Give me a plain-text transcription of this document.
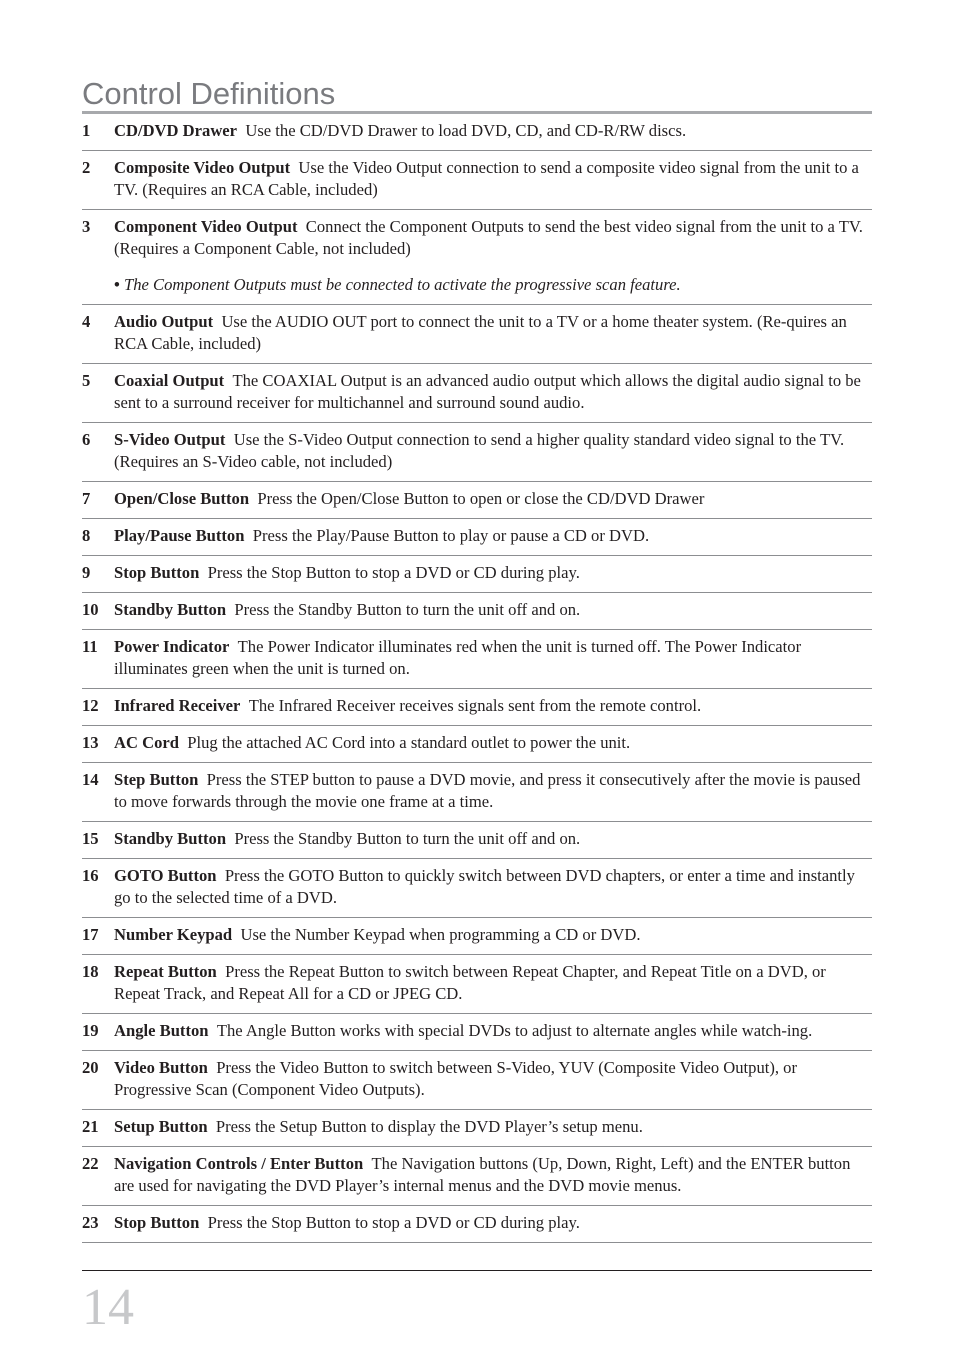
Control Definitions
1	CD/DVD Drawer Use the CD/DVD Drawer to load DVD, CD, and CD-R/RW discs.
2	Composite Video Output Use the Video Output connection to send a composite video signal from the unit to a TV. (Requires an RCA Cable, included)
3	Component Video Output Connect the Component Outputs to send the best video signal from the unit to a TV. (Requires a Component Cable, not included)
• The Component Outputs must be connected to activate the progressive scan feature.
4	Audio Output Use the AUDIO OUT port to connect the unit to a TV or a home theater system. (Re-quires an RCA Cable, included)
5	Coaxial Output The COAXIAL Output is an advanced audio output which allows the digital audio signal to be sent to a surround receiver for multichannel and surround sound audio.
6	S-Video Output Use the S-Video Output connection to send a higher quality standard video signal to the TV. (Requires an S-Video cable, not included)
7	Open/Close Button Press the Open/Close Button to open or close the CD/DVD Drawer
8	Play/Pause Button Press the Play/Pause Button to play or pause a CD or DVD.
9	Stop Button Press the Stop Button to stop a DVD or CD during play.
10 Standby Button Press the Standby Button to turn the unit off and on.
11 Power Indicator The Power Indicator illuminates red when the unit is turned off. The Power Indicator illuminates green when the unit is turned on.
12 Infrared Receiver The Infrared Receiver receives signals sent from the remote control.
13 AC Cord Plug the attached AC Cord into a standard outlet to power the unit.
14 Step Button Press the STEP button to pause a DVD movie, and press it consecutively after the movie is paused to move forwards through the movie one frame at a time.
15 Standby Button Press the Standby Button to turn the unit off and on.
16 GOTO Button Press the GOTO Button to quickly switch between DVD chapters, or enter a time and instantly go to the selected time of a DVD.
17 Number Keypad Use the Number Keypad when programming a CD or DVD.
18 Repeat Button Press the Repeat Button to switch between Repeat Chapter, and Repeat Title on a DVD, or Repeat Track, and Repeat All for a CD or JPEG CD.
19 Angle Button The Angle Button works with special DVDs to adjust to alternate angles while watch-ing.
20 Video Button Press the Video Button to switch between S-Video, YUV (Composite Video Output), or Progressive Scan (Component Video Outputs).
21 Setup Button Press the Setup Button to display the DVD Player’s setup menu.
22 Navigation Controls / Enter Button The Navigation buttons (Up, Down, Right, Left) and the ENTER button are used for navigating the DVD Player’s internal menus and the DVD movie menus.
23 Stop Button Press the Stop Button to stop a DVD or CD during play.
14
